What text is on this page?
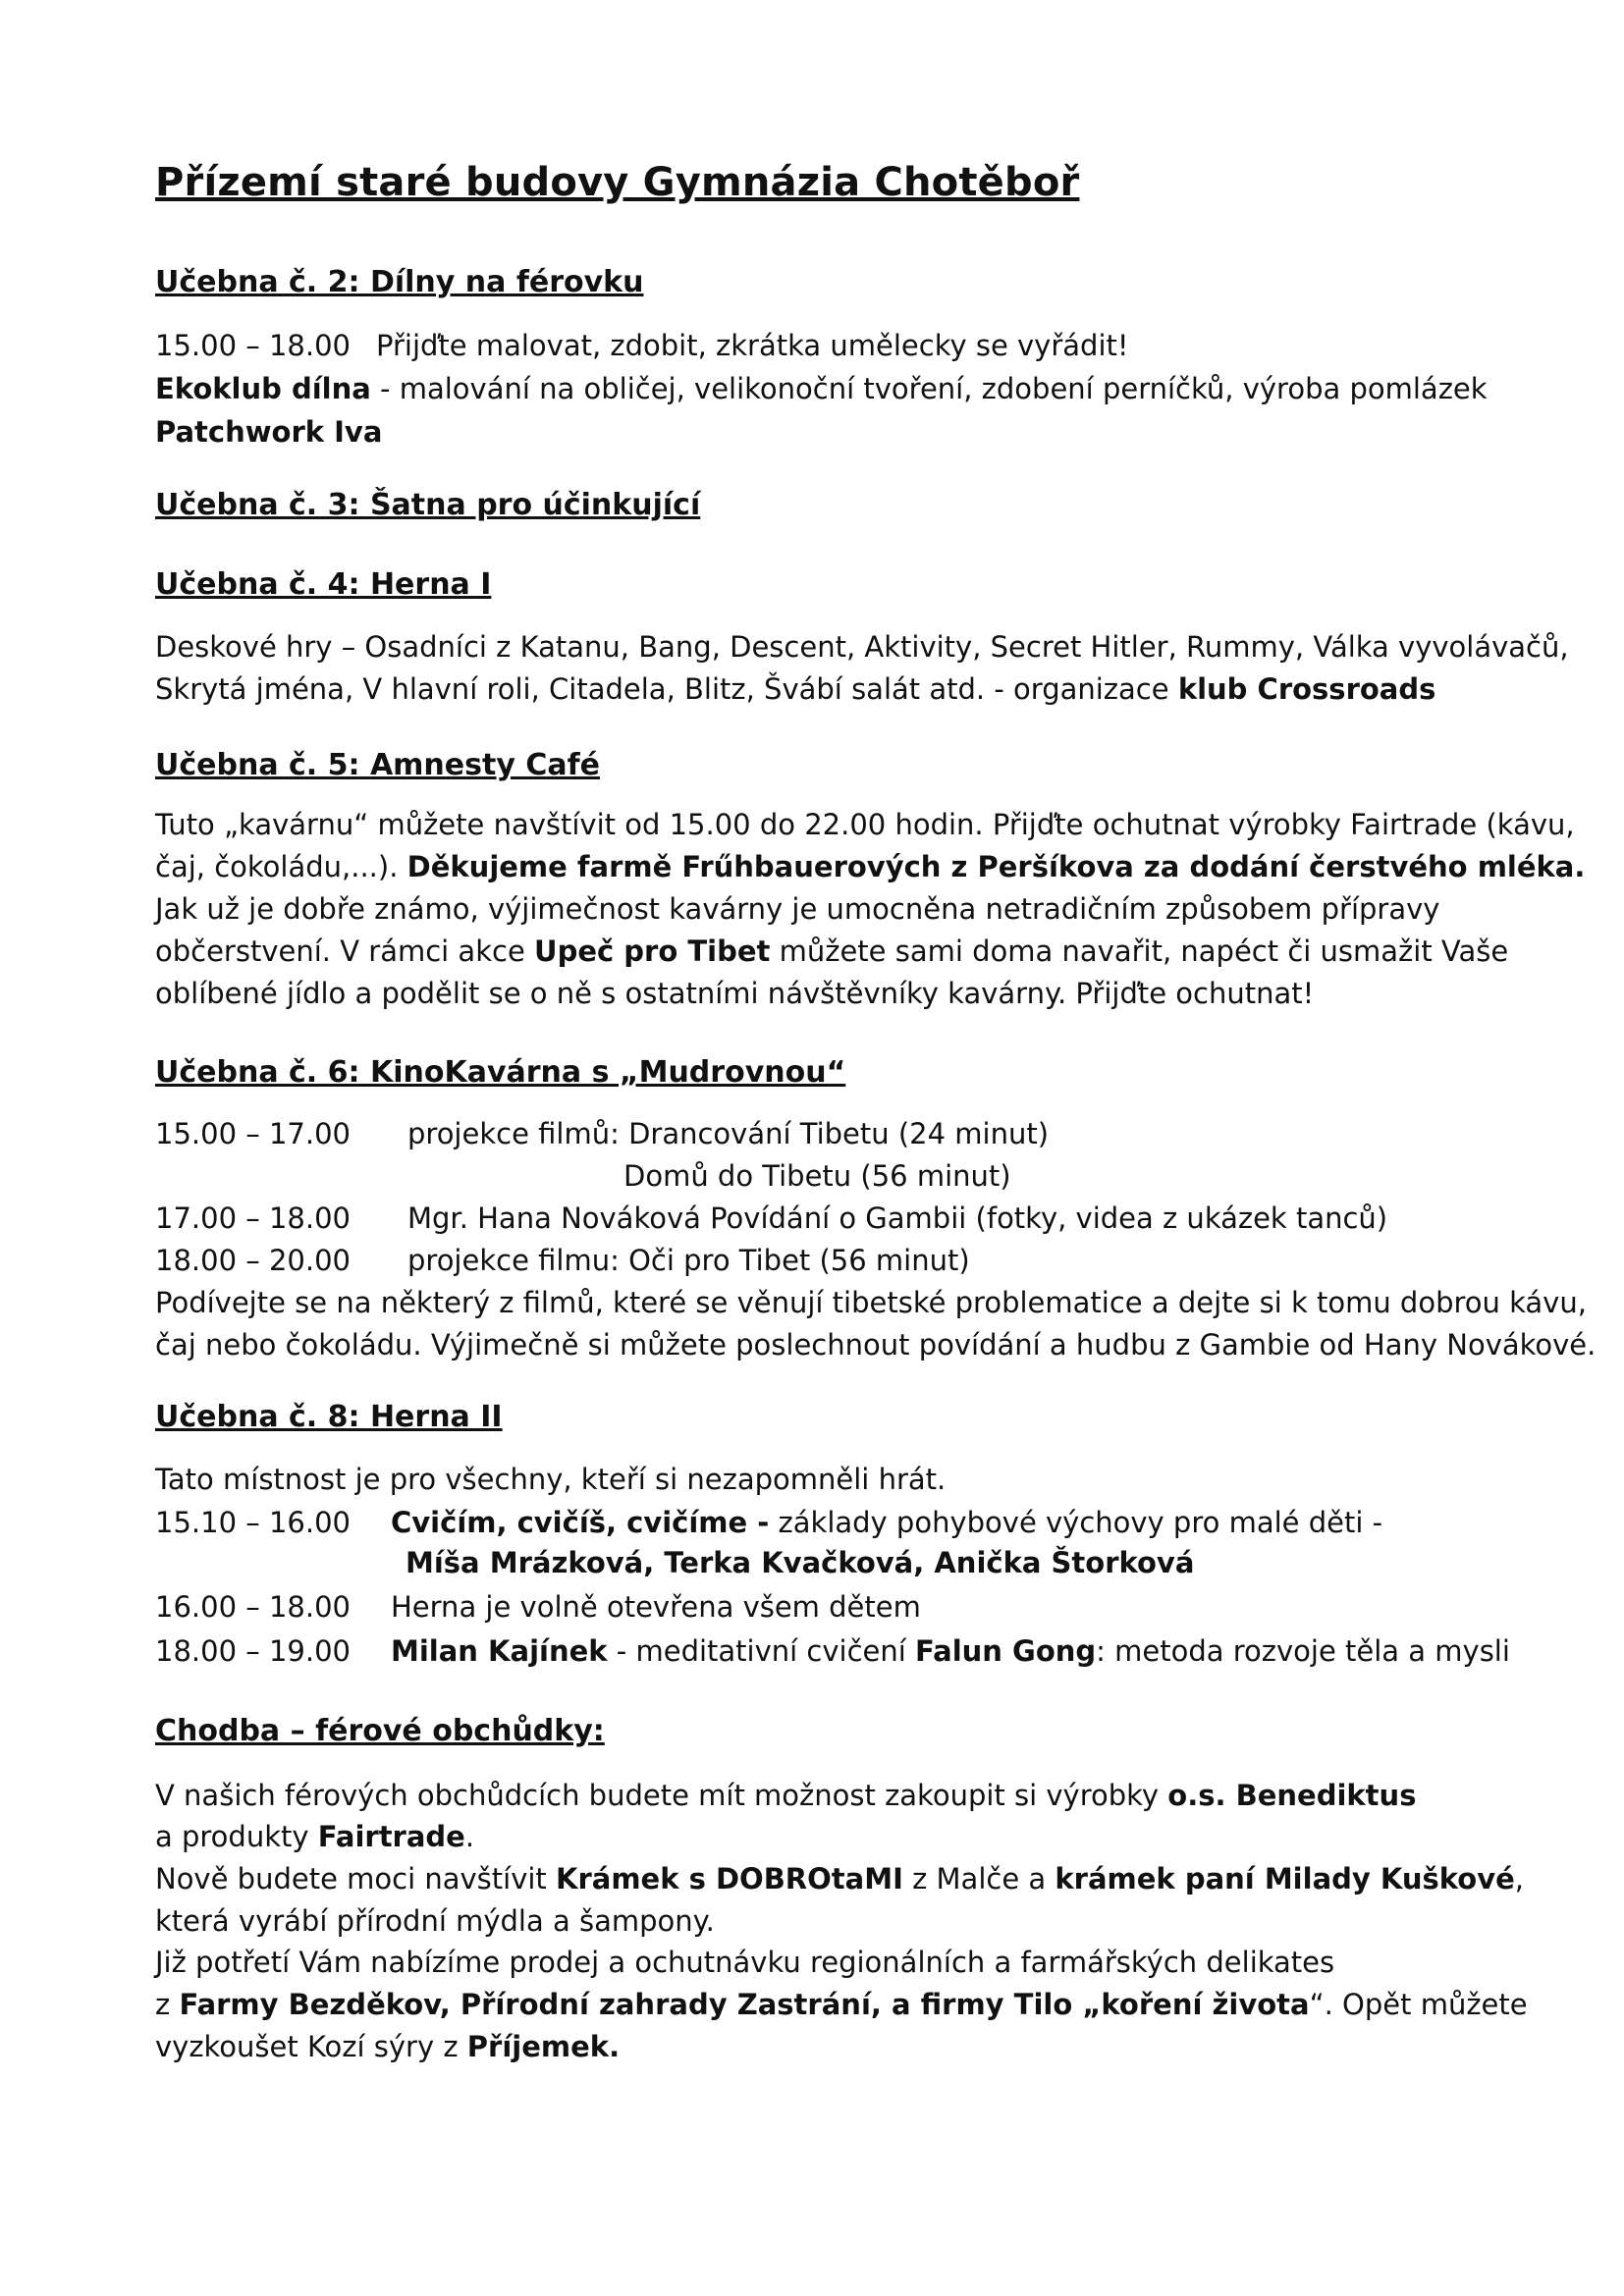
Přízemí staré budovy Gymnázia Chotěboř
Učebna č. 2: Dílny na férovku
15.00 – 18.00 Přijďte malovat, zdobit, zkrátka umělecky se vyřádit!
Ekoklub dílna - malování na obličej, velikonoční tvoření, zdobení perníčků, výroba pomlázek
Patchwork Iva
Učebna č. 3: Šatna pro účinkující
Učebna č. 4: Herna I
Deskové hry – Osadníci z Katanu, Bang, Descent, Aktivity, Secret Hitler, Rummy, Válka vyvolávačů,
Skrytá jména, V hlavní roli, Citadela, Blitz, Švábí salát atd. - organizace klub Crossroads
Učebna č. 5: Amnesty Café
Tuto „kavárnu“ můžete navštívit od 15.00 do 22.00 hodin. Přijďte ochutnat výrobky Fairtrade (kávu,
čaj, čokoládu,...). Děkujeme farmě Frűhbauerových z Peršíkova za dodání čerstvého mléka.
Jak už je dobře známo, výjimečnost kavárny je umocněna netradičním způsobem přípravy
občerstvení. V rámci akce Upeč pro Tibet můžete sami doma navařit, napéct či usmažit Vaše
oblíbené jídlo a podělit se o ně s ostatními návštěvníky kavárny. Přijďte ochutnat!
Učebna č. 6: KinoKavárna s „Mudrovnou“
15.00 – 17.00 projekce filmů: Drancování Tibetu (24 minut)
Domů do Tibetu (56 minut)
17.00 – 18.00 Mgr. Hana Nováková Povídání o Gambii (fotky, videa z ukázek tanců)
18.00 – 20.00 projekce filmu: Oči pro Tibet (56 minut)
Podívejte se na některý z filmů, které se věnují tibetské problematice a dejte si k tomu dobrou kávu,
čaj nebo čokoládu. Výjimečně si můžete poslechnout povídání a hudbu z Gambie od Hany Novákové.
Učebna č. 8: Herna II
Tato místnost je pro všechny, kteří si nezapomněli hrát.
15.10 – 16.00 Cvičím, cvičíš, cvičíme - základy pohybové výchovy pro malé děti -
Míša Mrázková, Terka Kvačková, Anička Štorková
16.00 – 18.00 Herna je volně otevřena všem dětem
18.00 – 19.00 Milan Kajínek - meditativní cvičení Falun Gong: metoda rozvoje těla a mysli
Chodba – férové obchůdky:
V našich férových obchůdcích budete mít možnost zakoupit si výrobky o.s. Benediktus
a produkty Fairtrade.
Nově budete moci navštívit Krámek s DOBROtaMI z Malče a krámek paní Milady Kuškové,
která vyrábí přírodní mýdla a šampony.
Již potřetí Vám nabízíme prodej a ochutnávku regionálních a farmářských delikates
z Farmy Bezděkov, Přírodní zahrady Zastrání, a firmy Tilo „koření života“. Opět můžete
vyzkoušet Kozí sýry z Příjemek.
